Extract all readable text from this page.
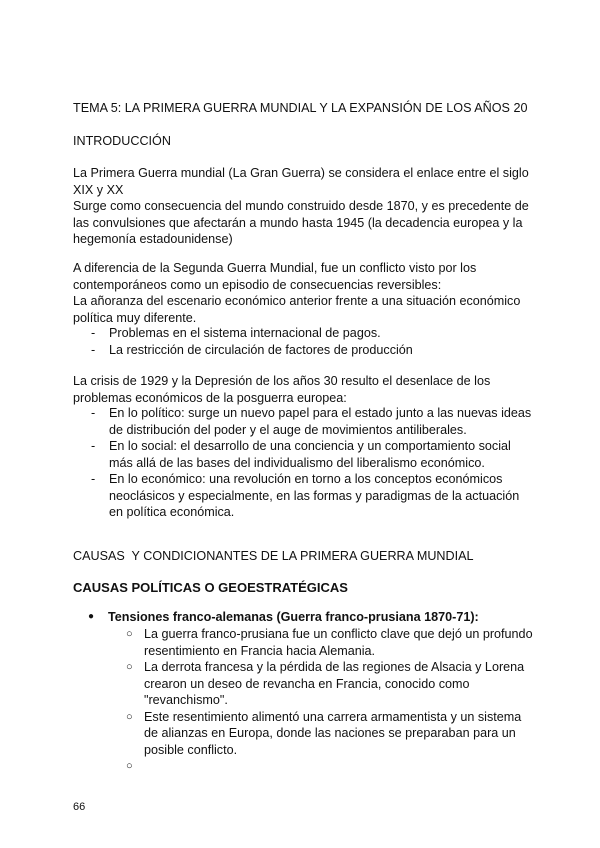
TEMA 5: LA PRIMERA GUERRA MUNDIAL Y LA EXPANSIÓN DE LOS AÑOS 20

INTRODUCCIÓN

La Primera Guerra mundial (La Gran Guerra) se considera el enlace entre el siglo XIX y XX

Surge como consecuencia del mundo construido desde 1870, y es precedente de las convulsiones que afectarán a mundo hasta 1945 (la decadencia europea y la hegemonía estadounidense)

A diferencia de la Segunda Guerra Mundial, fue un conflicto visto por los contemporáneos como un episodio de consecuencias reversibles:
La añoranza del escenario económico anterior frente a una situación económico política muy diferente.

- Problemas en el sistema internacional de pagos.
- La restricción de circulación de factores de producción

La crisis de 1929 y la Depresión de los años 30 resulto el desenlace de los problemas económicos de la posguerra europea:

- En lo político: surge un nuevo papel para el estado junto a las nuevas ideas de distribución del poder y el auge de movimientos antiliberales.
- En lo social: el desarrollo de una conciencia y un comportamiento social más allá de las bases del individualismo del liberalismo económico.
- En lo económico: una revolución en torno a los conceptos económicos neoclásicos y especialmente, en las formas y paradigmas de la actuación en política económica.

CAUSAS  Y CONDICIONANTES DE LA PRIMERA GUERRA MUNDIAL

CAUSAS POLÍTICAS O GEOESTRATÉGICAS

●	Tensiones franco-alemanas (Guerra franco-prusiana 1870-71):
○ La guerra franco-prusiana fue un conflicto clave que dejó un profundo resentimiento en Francia hacia Alemania.
○ La derrota francesa y la pérdida de las regiones de Alsacia y Lorena crearon un deseo de revancha en Francia, conocido como "revanchismo".
○ Este resentimiento alimentó una carrera armamentista y un sistema de alianzas en Europa, donde las naciones se preparaban para un posible conflicto.
○
66
